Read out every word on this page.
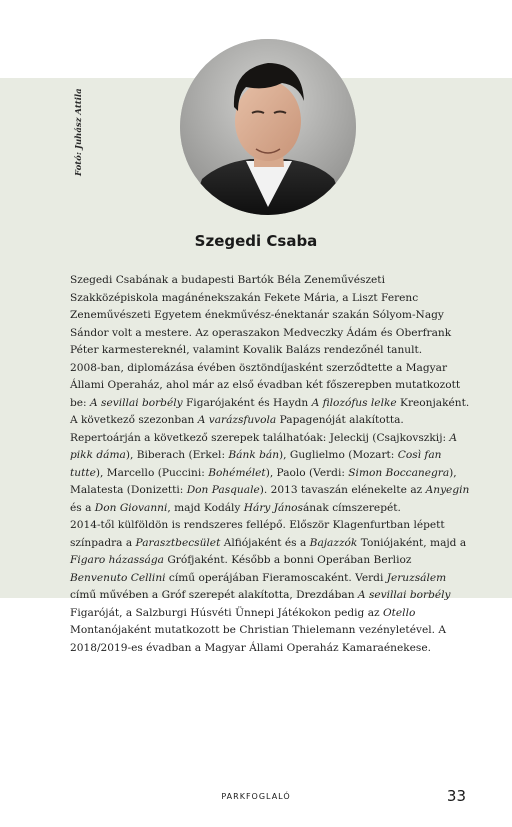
Fotó: Juhász Attila
Szegedi Csaba

Szegedi Csabának a budapesti Bartók Béla Zeneművészeti Szakközépiskola magánénekszakán Fekete Mária, a Liszt Ferenc Zeneművészeti Egyetem énekművész-énektanár szakán Sólyom-Nagy Sándor volt a mestere. Az operaszakon Medveczky Ádám és Oberfrank Péter karmestereknél, valamint Kovalik Balázs rendezőnél tanult.

2008-ban, diplomázása évében ösztöndíjasként szerződtette a Magyar Állami Operaház, ahol már az első évadban két főszerepben mutatkozott be: A sevillai borbély Figarójaként és Haydn A filozófus lelke Kreonjaként. A következő szezonban A varázsfuvola Papagenóját alakította.

Repertoárján a következő szerepek találhatóak: Jeleckij (Csajkovszkij: A pikk dáma), Biberach (Erkel: Bánk bán), Guglielmo (Mozart: Così fan tutte), Marcello (Puccini: Bohémélet), Paolo (Verdi: Simon Boccanegra), Malatesta (Donizetti: Don Pasquale). 2013 tavaszán elénekelte az Anyegin és a Don Giovanni, majd Kodály Háry Jánosának címszerepét.

2014-től külföldön is rendszeres fellépő. Először Klagenfurtban lépett színpadra a Parasztbecsület Alfiójaként és a Bajazzók Toniójaként, majd a Figaro házassága Grófjaként. Később a bonni Operában Berlioz Benvenuto Cellini című operájában Fieramoscaként. Verdi Jeruzsálem című művében a Gróf szerepét alakította, Drezdában A sevillai borbély Figaróját, a Salzburgi Húsvéti Ünnepi Játékokon pedig az Otello Montanójaként mutatkozott be Christian Thielemann vezényletével. A 2018/2019-es évadban a Magyar Állami Operaház Kamaraénekese.

PARKFOGLALÓ	33
